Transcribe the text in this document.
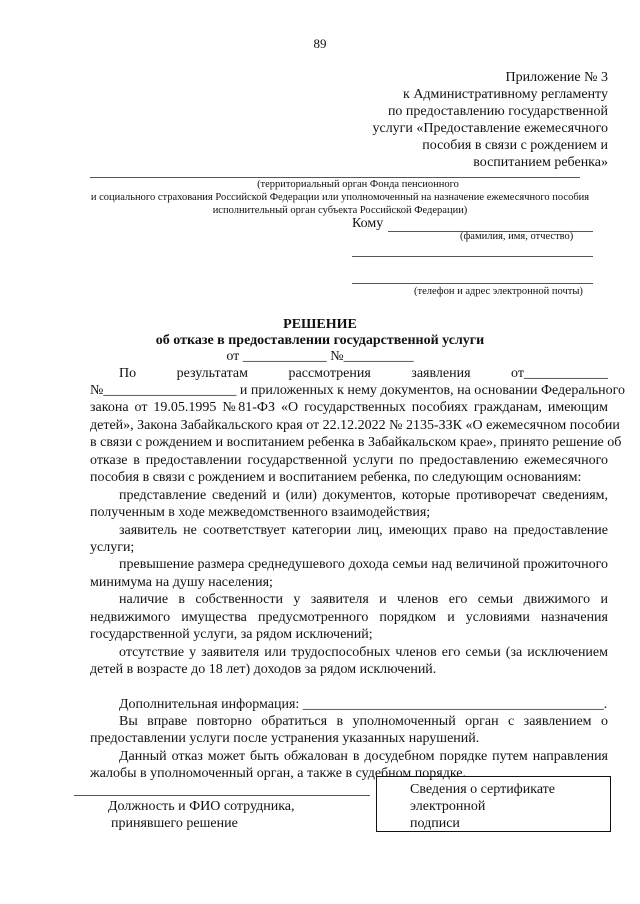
89
Приложение № 3
к Административному регламенту
по предоставлению государственной
услуги «Предоставление ежемесячного
пособия в связи с рождением и
воспитанием ребенка»
(территориальный орган Фонда пенсионного
и социального страхования Российской Федерации или уполномоченный на назначение ежемесячного пособия
исполнительный орган субъекта Российской Федерации)
Кому
(фамилия, имя, отчество)
(телефон и адрес электронной почты)
РЕШЕНИЕ
об отказе в предоставлении государственной услуги
от ____________ №__________
По результатам рассмотрения заявления от____________
№___________________ и приложенных к нему документов, на основании Федерального
закона от 19.05.1995 №81-ФЗ «О государственных пособиях гражданам, имеющим
детей», Закона Забайкальского края от 22.12.2022 № 2135-ЗЗК «О ежемесячном пособии
в связи с рождением и воспитанием ребенка в Забайкальском крае», принято решение об
отказе в предоставлении государственной услуги по предоставлению ежемесячного
пособия в связи с рождением и воспитанием ребенка, по следующим основаниям:
представление сведений и (или) документов, которые противоречат сведениям,
полученным в ходе межведомственного взаимодействия;
заявитель не соответствует категории лиц, имеющих право на предоставление
услуги;
превышение размера среднедушевого дохода семьи над величиной прожиточного
минимума на душу населения;
наличие в собственности у заявителя и членов его семьи движимого и
недвижимого имущества предусмотренного порядком и условиями назначения
государственной услуги, за рядом исключений;
отсутствие у заявителя или трудоспособных членов его семьи (за исключением
детей в возрасте до 18 лет) доходов за рядом исключений.
Дополнительная информация: ___________________________________________.
Вы вправе повторно обратиться в уполномоченный орган с заявлением о
предоставлении услуги после устранения указанных нарушений.
Данный отказ может быть обжалован в досудебном порядке путем направления
жалобы в уполномоченный орган, а также в судебном порядке.
Должность и ФИО сотрудника,
принявшего решение
Сведения о сертификате
электронной
подписи
